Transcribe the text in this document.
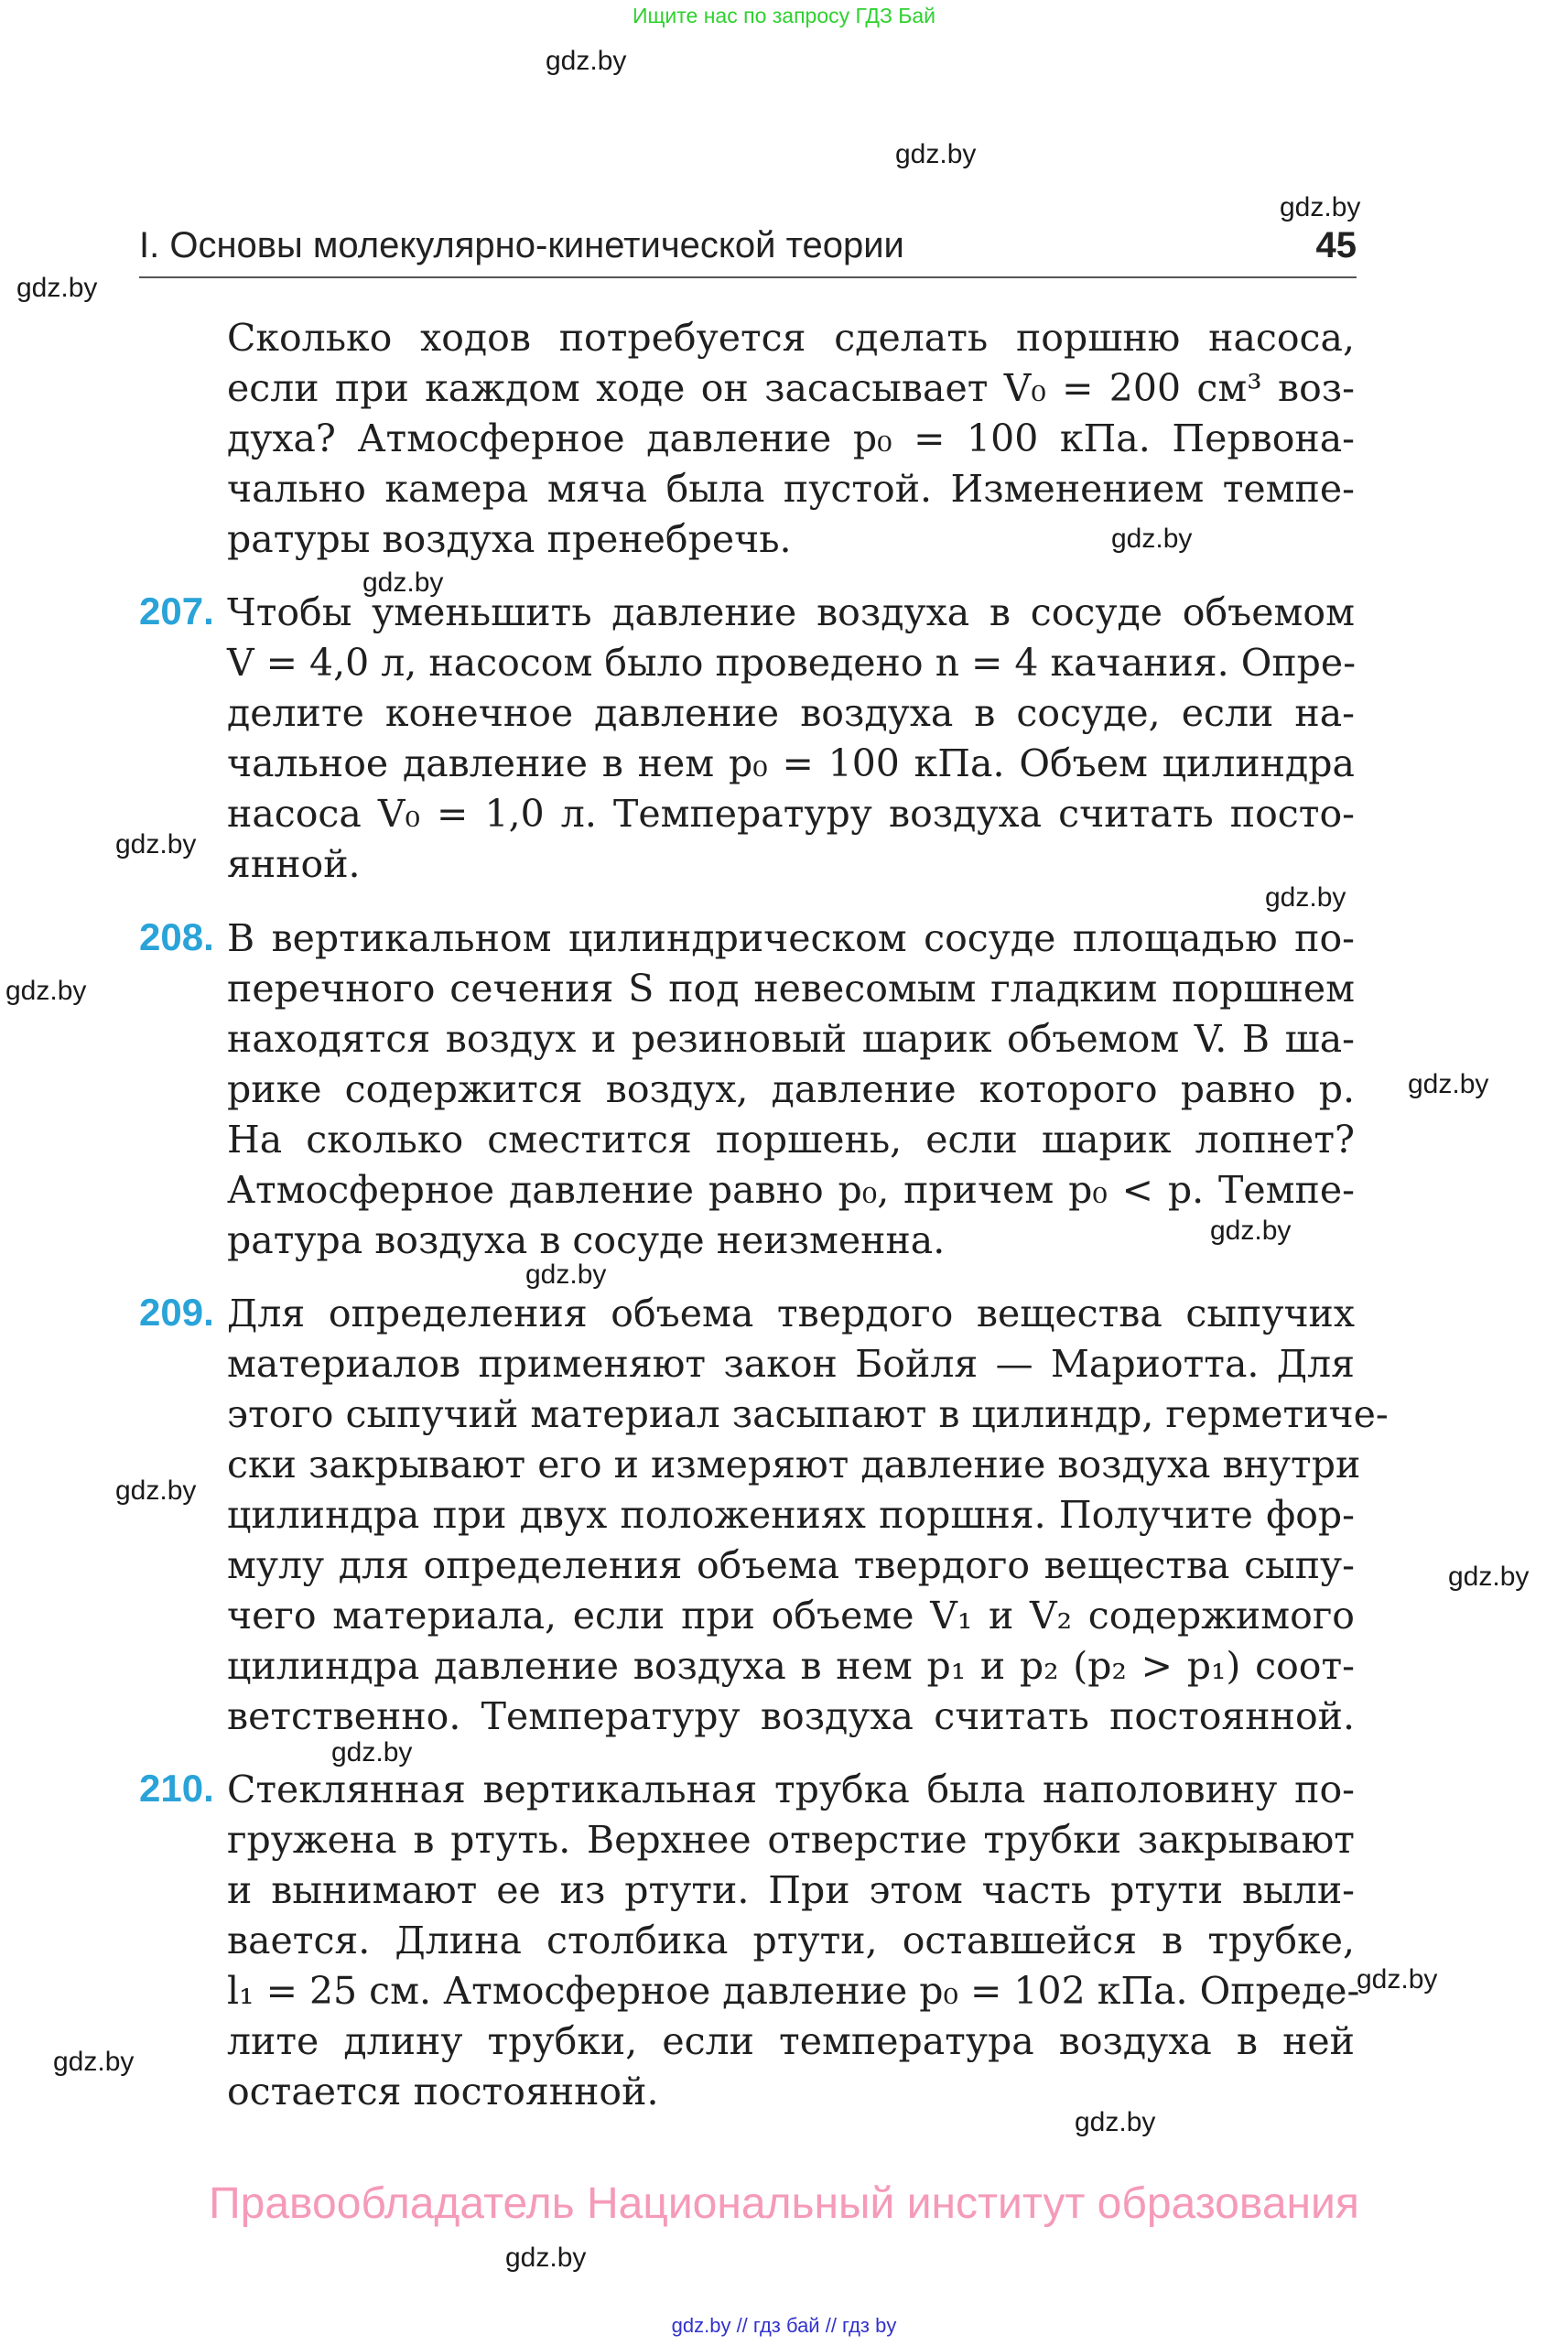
Ищите нас по запросу ГДЗ Бай
gdz.by
gdz.by
gdz.by
gdz.by
gdz.by
gdz.by
gdz.by
gdz.by
gdz.by
gdz.by
gdz.by
gdz.by
gdz.by
gdz.by
gdz.by
gdz.by
gdz.by
gdz.by
gdz.by
I. Основы молекулярно-кинетической теории	45
Сколько ходов потребуется сделать поршню насоса,
если при каждом ходе он засасывает V₀ = 200 см³ воз-
духа? Атмосферное давление p₀ = 100 кПа. Первона-
чально камера мяча была пустой. Изменением темпе-
ратуры воздуха пренебречь.
207. Чтобы уменьшить давление воздуха в сосуде объемом
V = 4,0 л, насосом было проведено n = 4 качания. Опре-
делите конечное давление воздуха в сосуде, если на-
чальное давление в нем p₀ = 100 кПа. Объем цилиндра
насоса V₀ = 1,0 л. Температуру воздуха считать посто-
янной.
208. В вертикальном цилиндрическом сосуде площадью по-
перечного сечения S под невесомым гладким поршнем
находятся воздух и резиновый шарик объемом V. В ша-
рике содержится воздух, давление которого равно p.
На сколько сместится поршень, если шарик лопнет?
Атмосферное давление равно p₀, причем p₀ < p. Темпе-
ратура воздуха в сосуде неизменна.
209. Для определения объема твердого вещества сыпучих
материалов применяют закон Бойля — Мариотта. Для
этого сыпучий материал засыпают в цилиндр, герметиче-
ски закрывают его и измеряют давление воздуха внутри
цилиндра при двух положениях поршня. Получите фор-
мулу для определения объема твердого вещества сыпу-
чего материала, если при объеме V₁ и V₂ содержимого
цилиндра давление воздуха в нем p₁ и p₂ (p₂ > p₁) соот-
ветственно. Температуру воздуха считать постоянной.
210. Стеклянная вертикальная трубка была наполовину по-
гружена в ртуть. Верхнее отверстие трубки закрывают
и вынимают ее из ртути. При этом часть ртути выли-
вается. Длина столбика ртути, оставшейся в трубке,
l₁ = 25 см. Атмосферное давление p₀ = 102 кПа. Опреде-
лите длину трубки, если температура воздуха в ней
остается постоянной.
Правообладатель Национальный институт образования
gdz.by // гдз бай // гдз by
